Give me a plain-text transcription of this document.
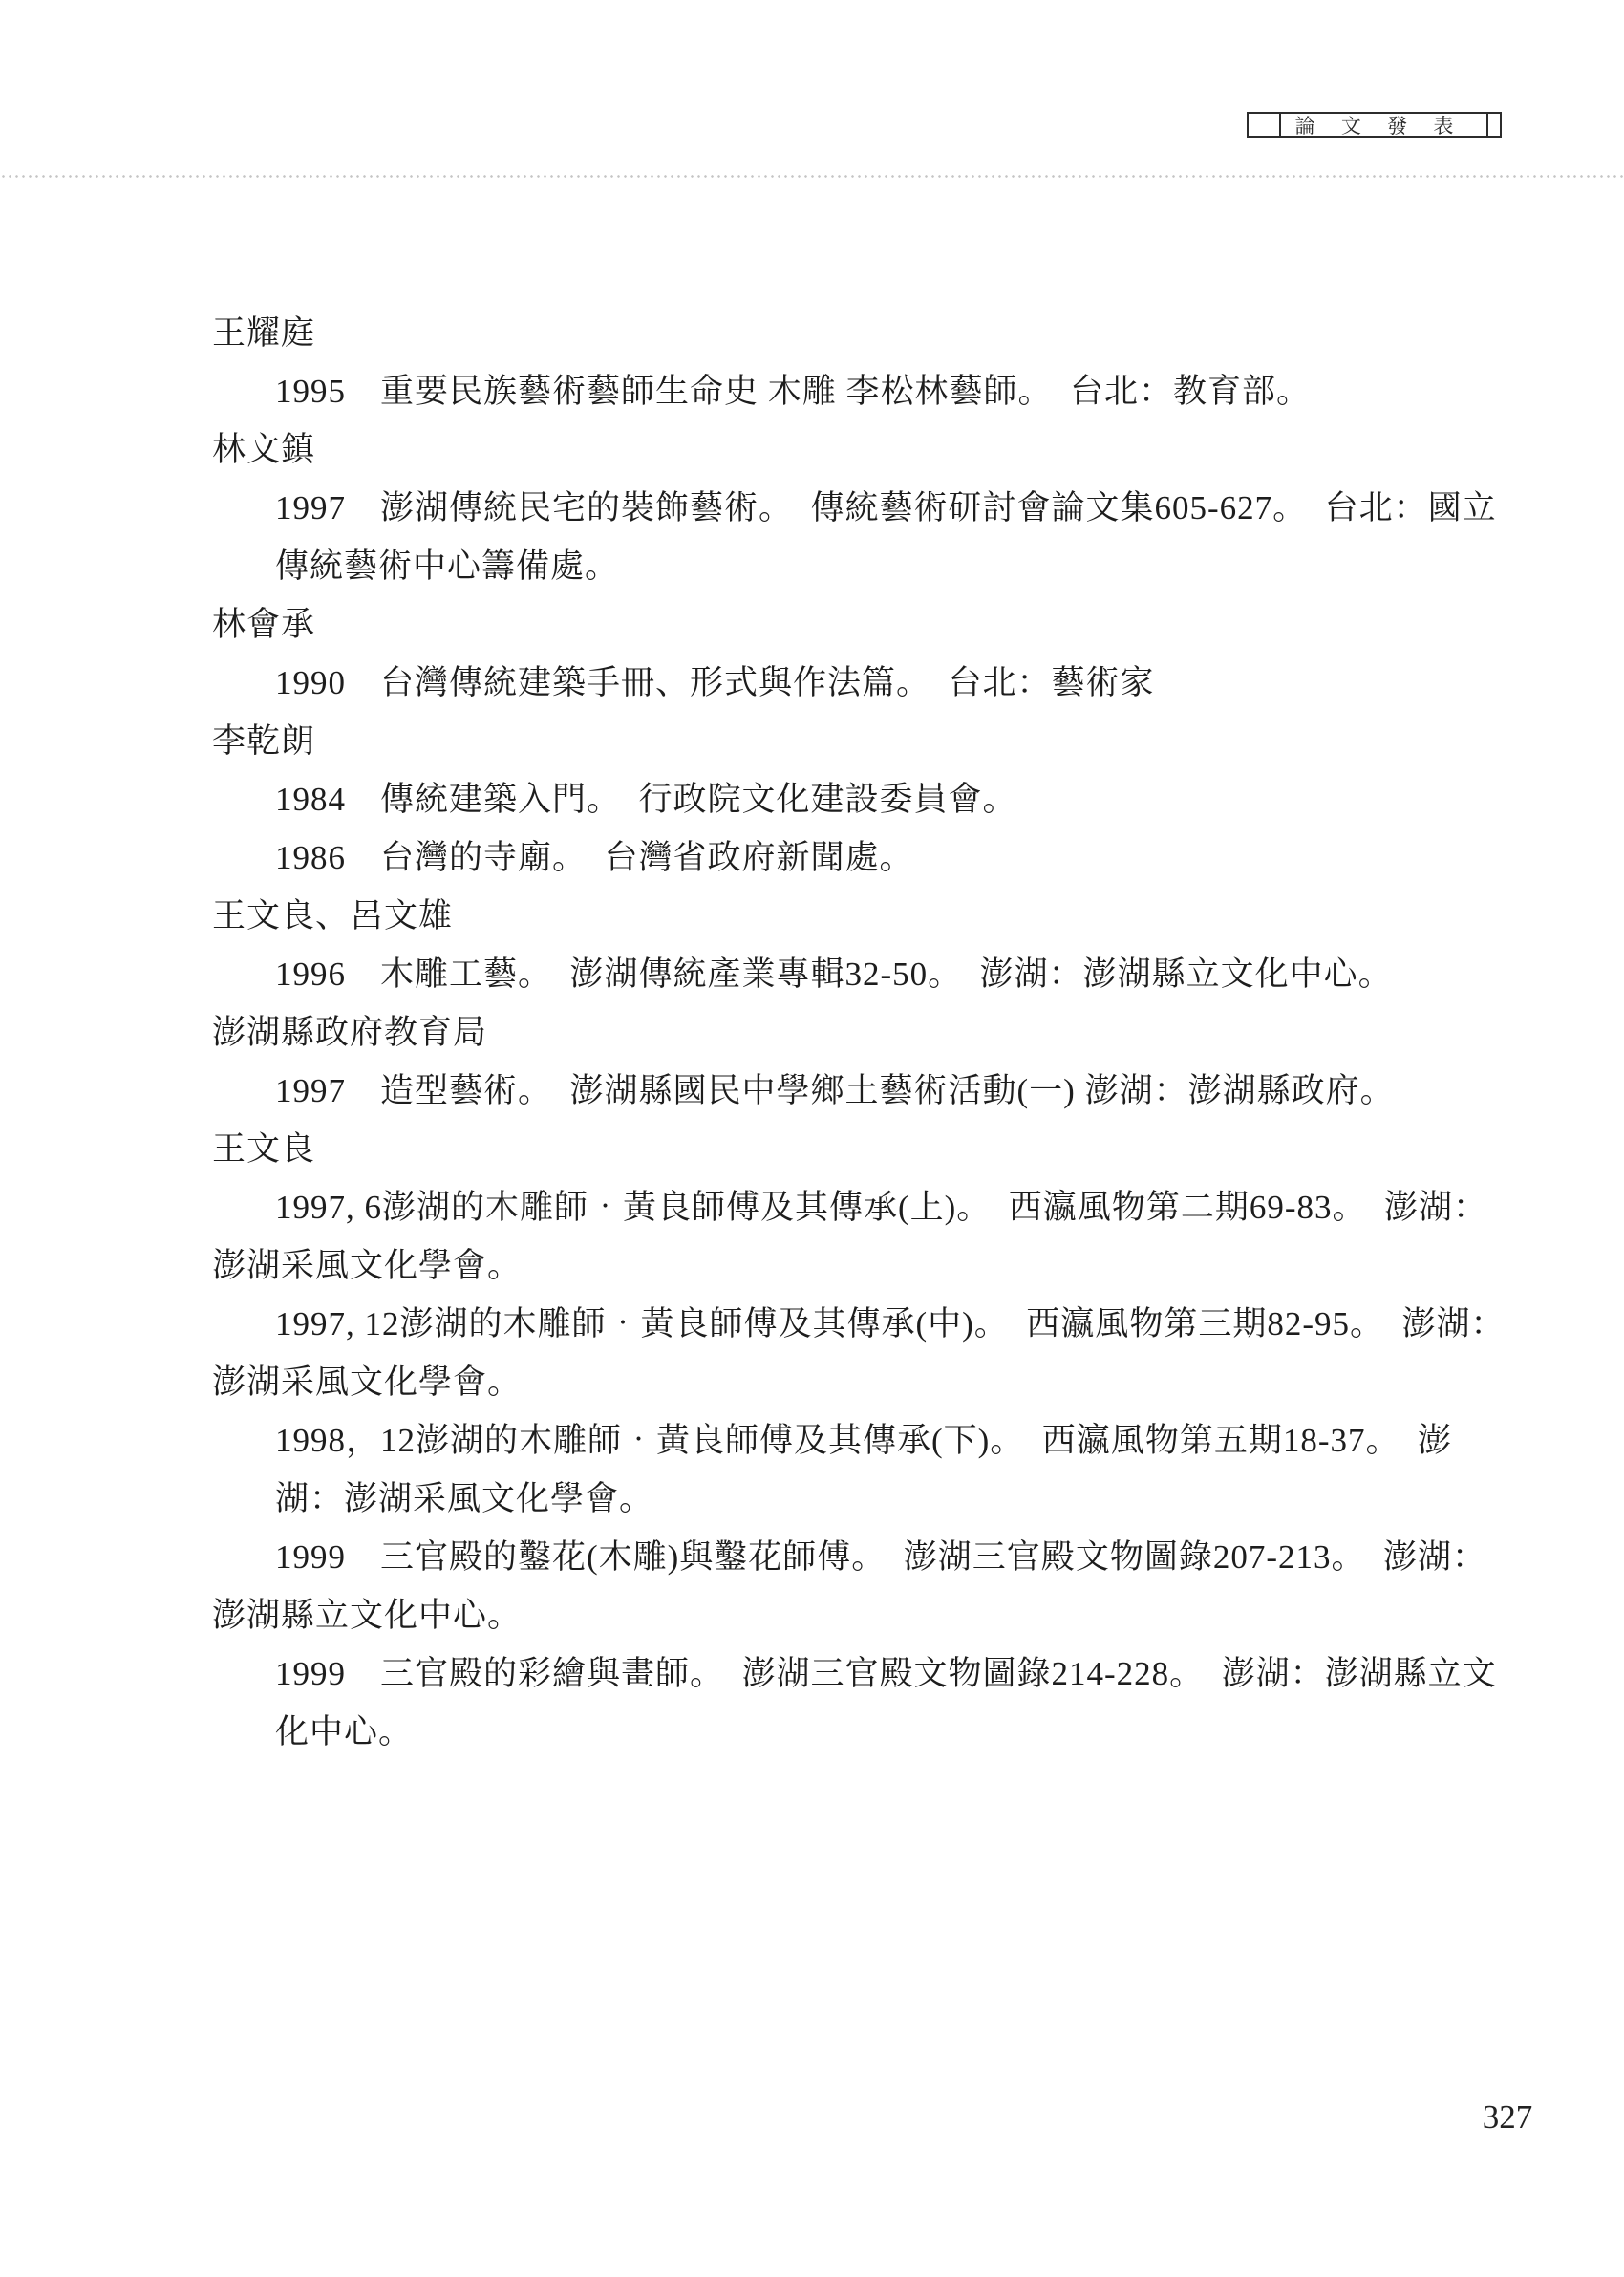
論 文 發 表
王耀庭
1995　重要民族藝術藝師生命史 木雕 李松林藝師。　台北：教育部。
林文鎮
1997　澎湖傳統民宅的裝飾藝術。　傳統藝術研討會論文集605-627。　台北：國立
傳統藝術中心籌備處。
林會承
1990　台灣傳統建築手冊、形式與作法篇。　台北：藝術家
李乾朗
1984　傳統建築入門。　行政院文化建設委員會。
1986　台灣的寺廟。　台灣省政府新聞處。
王文良、呂文雄
1996　木雕工藝。　澎湖傳統產業專輯32-50。　澎湖：澎湖縣立文化中心。
澎湖縣政府教育局
1997　造型藝術。　澎湖縣國民中學鄉土藝術活動(一) 澎湖：澎湖縣政府。
王文良
1997, 6澎湖的木雕師‧黃良師傅及其傳承(上)。　西瀛風物第二期69-83。　澎湖：
澎湖采風文化學會。
1997, 12澎湖的木雕師‧黃良師傅及其傳承(中)。　西瀛風物第三期82-95。　澎湖：
澎湖采風文化學會。
1998，12澎湖的木雕師‧黃良師傅及其傳承(下)。　西瀛風物第五期18-37。　澎
湖：澎湖采風文化學會。
1999　三官殿的鑿花(木雕)與鑿花師傅。　澎湖三官殿文物圖錄207-213。　澎湖：
澎湖縣立文化中心。
1999　三官殿的彩繪與畫師。　澎湖三官殿文物圖錄214-228。　澎湖：澎湖縣立文
化中心。
327
